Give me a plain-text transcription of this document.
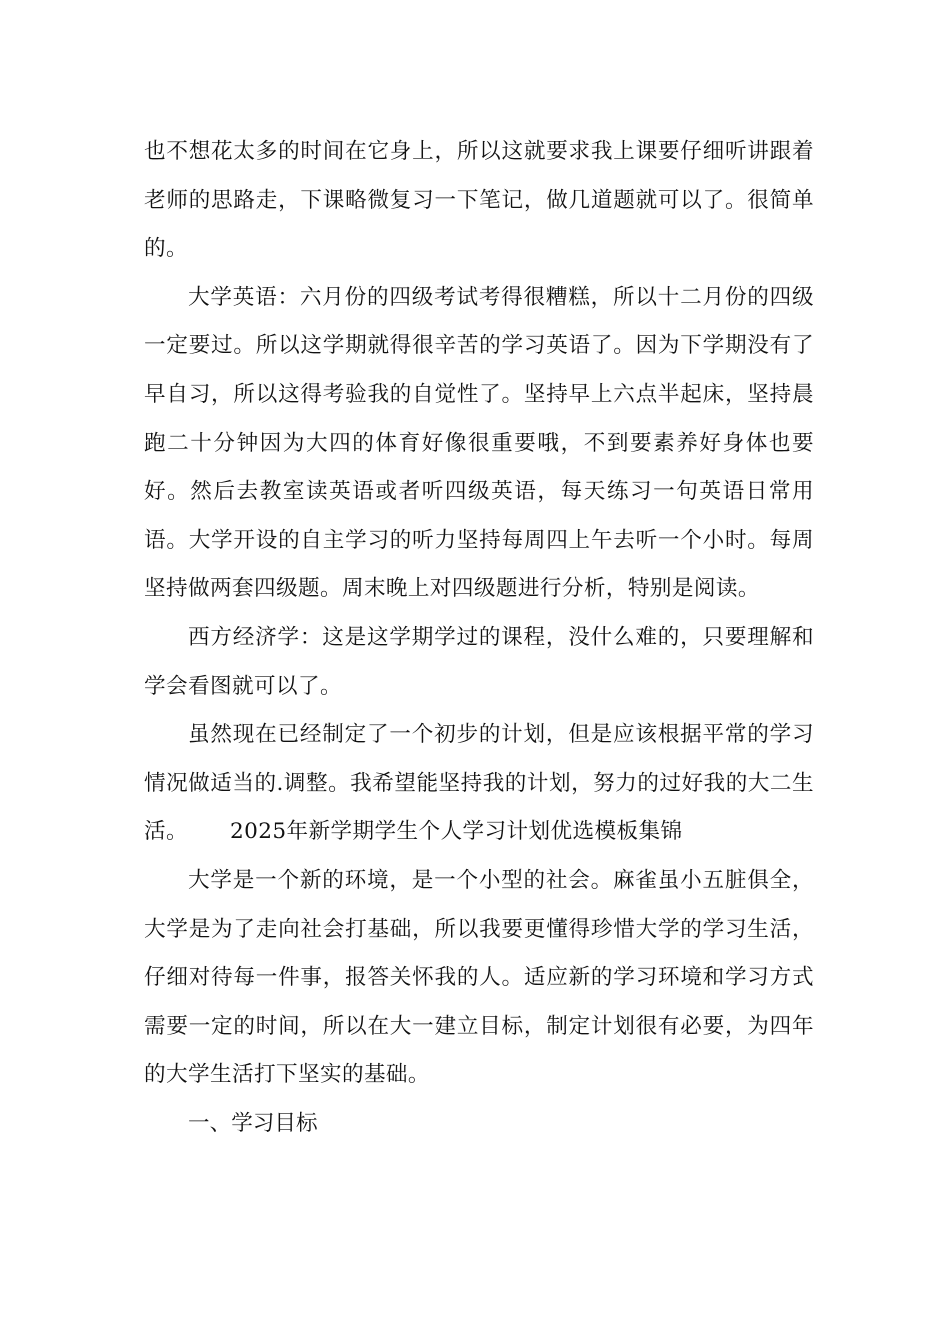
也不想花太多的时间在它身上，所以这就要求我上课要仔细听讲跟着老师的思路走，下课略微复习一下笔记，做几道题就可以了。很简单的。

大学英语：六月份的四级考试考得很糟糕，所以十二月份的四级一定要过。所以这学期就得很辛苦的学习英语了。因为下学期没有了早自习，所以这得考验我的自觉性了。坚持早上六点半起床，坚持晨跑二十分钟因为大四的体育好像很重要哦，不到要素养好身体也要好。然后去教室读英语或者听四级英语，每天练习一句英语日常用语。大学开设的自主学习的听力坚持每周四上午去听一个小时。每周坚持做两套四级题。周末晚上对四级题进行分析，特别是阅读。

西方经济学：这是这学期学过的课程，没什么难的，只要理解和学会看图就可以了。

虽然现在已经制定了一个初步的计划，但是应该根据平常的学习情况做适当的.调整。我希望能坚持我的计划，努力的过好我的大二生活。 2025年新学期学生个人学习计划优选模板集锦

大学是一个新的环境，是一个小型的社会。麻雀虽小五脏俱全，大学是为了走向社会打基础，所以我要更懂得珍惜大学的学习生活，仔细对待每一件事，报答关怀我的人。适应新的学习环境和学习方式需要一定的时间，所以在大一建立目标，制定计划很有必要，为四年的大学生活打下坚实的基础。

一、学习目标
